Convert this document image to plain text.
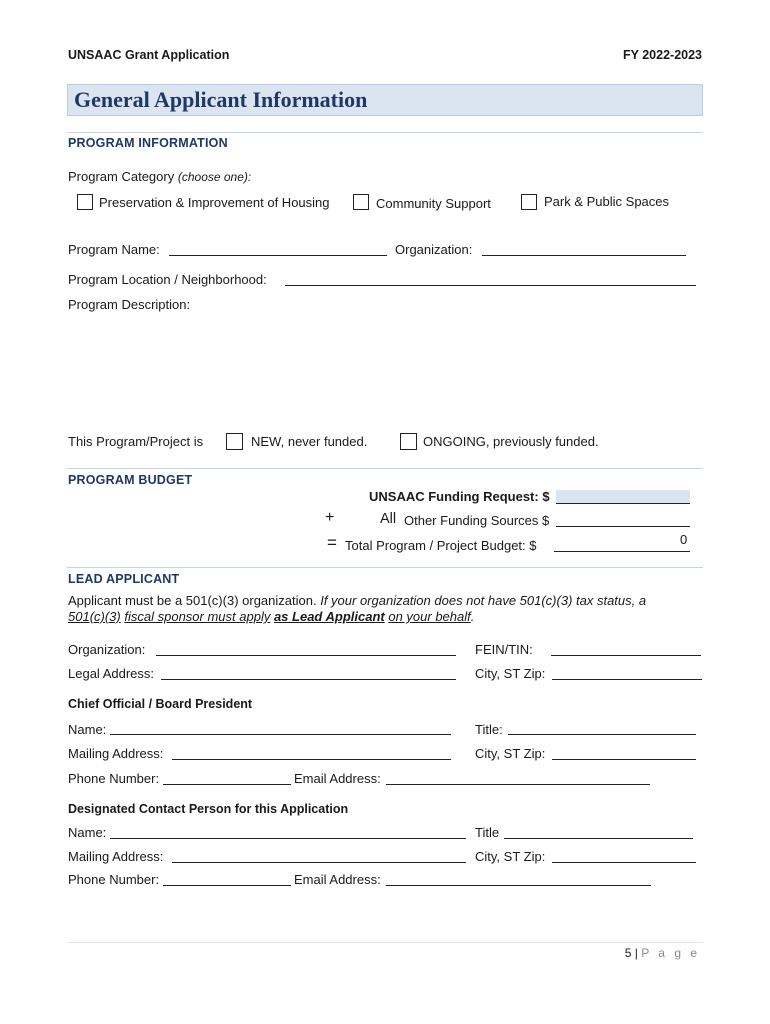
UNSAAC Grant Application	FY 2022-2023
General Applicant Information
PROGRAM INFORMATION
Program Category (choose one):
Preservation & Improvement of Housing	Community Support	Park & Public Spaces
Program Name:	Organization:
Program Location / Neighborhood:
Program Description:
This Program/Project is	NEW, never funded.	ONGOING, previously funded.
PROGRAM BUDGET
UNSAAC Funding Request: $
+	All Other Funding Sources $
= Total Program / Project Budget: $	0
LEAD APPLICANT
Applicant must be a 501(c)(3) organization. If your organization does not have 501(c)(3) tax status, a
501(c)(3) fiscal sponsor must apply as Lead Applicant on your behalf.
Organization:	FEIN/TIN:
Legal Address:	City, ST Zip:
Chief Official / Board President
Name:	Title:
Mailing Address:	City, ST Zip:
Phone Number:	Email Address:
Designated Contact Person for this Application
Name:	Title
Mailing Address:	City, ST Zip:
Phone Number:	Email Address:
5 | P a g e
